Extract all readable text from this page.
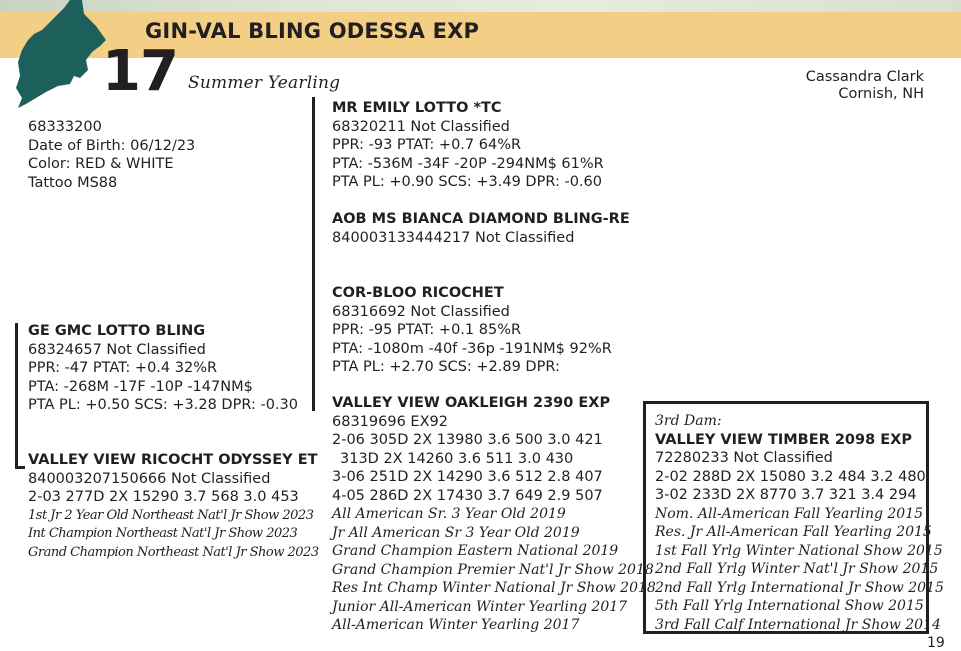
GIN-VAL BLING ODESSA EXP
17 Summer Yearling	Cassandra Clark
Cornish, NH
68333200
Date of Birth: 06/12/23
Color: RED & WHITE
Tattoo MS88
MR EMILY LOTTO *TC
68320211 Not Classified
PPR: -93 PTAT: +0.7 64%R
PTA: -536M -34F -20P -294NM$ 61%R
PTA PL: +0.90 SCS: +3.49 DPR: -0.60
AOB MS BIANCA DIAMOND BLING-RE
840003133444217 Not Classified
COR-BLOO RICOCHET
68316692 Not Classified
PPR: -95 PTAT: +0.1 85%R
PTA: -1080m -40f -36p -191NM$ 92%R
PTA PL: +2.70 SCS: +2.89 DPR:
GE GMC LOTTO BLING
68324657 Not Classified
PPR: -47 PTAT: +0.4 32%R
PTA: -268M -17F -10P -147NM$
PTA PL: +0.50 SCS: +3.28 DPR: -0.30
VALLEY VIEW RICOCHT ODYSSEY ET
840003207150666 Not Classified
2-03 277D 2X 15290 3.7 568 3.0 453
1st Jr 2 Year Old Northeast Nat'l Jr Show 2023
Int Champion Northeast Nat'l Jr Show 2023
Grand Champion Northeast Nat'l Jr Show 2023
VALLEY VIEW OAKLEIGH 2390 EXP
68319696 EX92
2-06 305D 2X 13980 3.6 500 3.0 421
313D 2X 14260 3.6 511 3.0 430
3-06 251D 2X 14290 3.6 512 2.8 407
4-05 286D 2X 17430 3.7 649 2.9 507
All American Sr. 3 Year Old 2019
Jr All American Sr 3 Year Old 2019
Grand Champion Eastern National 2019
Grand Champion Premier Nat'l Jr Show 2018
Res Int Champ Winter National Jr Show 2018
Junior All-American Winter Yearling 2017
All-American Winter Yearling 2017
3rd Dam:
VALLEY VIEW TIMBER 2098 EXP
72280233 Not Classified
2-02 288D 2X 15080 3.2 484 3.2 480
3-02 233D 2X 8770 3.7 321 3.4 294
Nom. All-American Fall Yearling 2015
Res. Jr All-American Fall Yearling 2015
1st Fall Yrlg Winter National Show 2015
2nd Fall Yrlg Winter Nat'l Jr Show 2015
2nd Fall Yrlg International Jr Show 2015
5th Fall Yrlg International Show 2015
3rd Fall Calf International Jr Show 2014
19
